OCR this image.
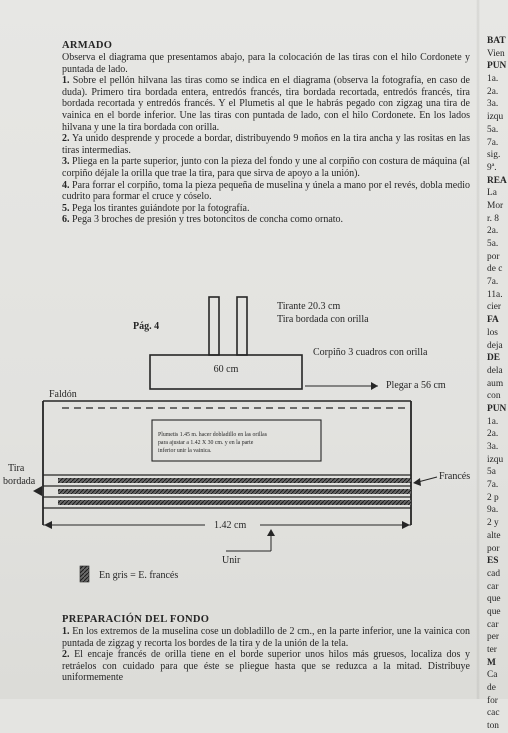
ARMADO

Observa el diagrama que presentamos abajo, para la colocación de las tiras con el hilo Cordonete y puntada de lado.

1. Sobre el pellón hilvana las tiras como se indica en el diagrama (observa la fotografía, en caso de duda). Primero tira bordada entera, entredós francés, tira bordada recortada, entredós francés, tira bordada recortada y entredós francés. Y el Plumetis al que le habrás pegado con zigzag una tira de vainica en el borde inferior. Une las tiras con puntada de lado, con el hilo Cordonete. En los lados hilvana y une la tira bordada con orilla.

2. Ya unido desprende y procede a bordar, distribuyendo 9 moños en la tira ancha y las rositas en las tiras intermedias.

3. Pliega en la parte superior, junto con la pieza del fondo y une al corpiño con costura de máquina (al corpiño déjale la orilla que trae la tira, para que sirva de apoyo a la unión).

4. Para forrar el corpiño, toma la pieza pequeña de muselina y únela a mano por el revés, dobla medio cudrito para formar el cruce y cóselo.

5. Pega los tirantes guiándote por la fotografía.

6. Pega 3 broches de presión y tres botoncitos de concha como ornato.

Pág. 4
Tirante 20.3 cm
Tira bordada con orilla
60 cm
Corpiño 3 cuadros con orilla
Faldón
Plegar a 56 cm
Plumetis 1.45 m. hacer dobladillo en las orillas
para ajustar a 1.42 X 30 cm. y en la parte
inferior unir la vainica.
Tira
bordada	Francés
1.42 cm
Unir
En gris = E. francés
PREPARACIÓN DEL FONDO

1. En los extremos de la muselina cose un dobladillo de 2 cm., en la parte inferior, une la vainica con puntada de zigzag y recorta los bordes de la tira y de la unión de la tela.

2. El encaje francés de orilla tiene en el borde superior unos hilos más gruesos, localiza dos y retráelos con cuidado para que éste se pliegue hasta que se reduzca a la mitad. Distribuye uniformemente

BAT
Vien
PUN
1a.
2a.
3a.
izqu
5a.
7a.
sig.
9ª.
REA
La
Mor
r. 8
2a.
5a.
por
de c
7a.
11a.
cier
FA
los
deja
DE
dela
aum
con
PUN
1a.
2a.
3a.
izqu
5a
7a.
2 p
9a.
2 y
alte
por
ES
cad
car
que
que
car
per
ter
M
Ca
de
for
cac
ton
